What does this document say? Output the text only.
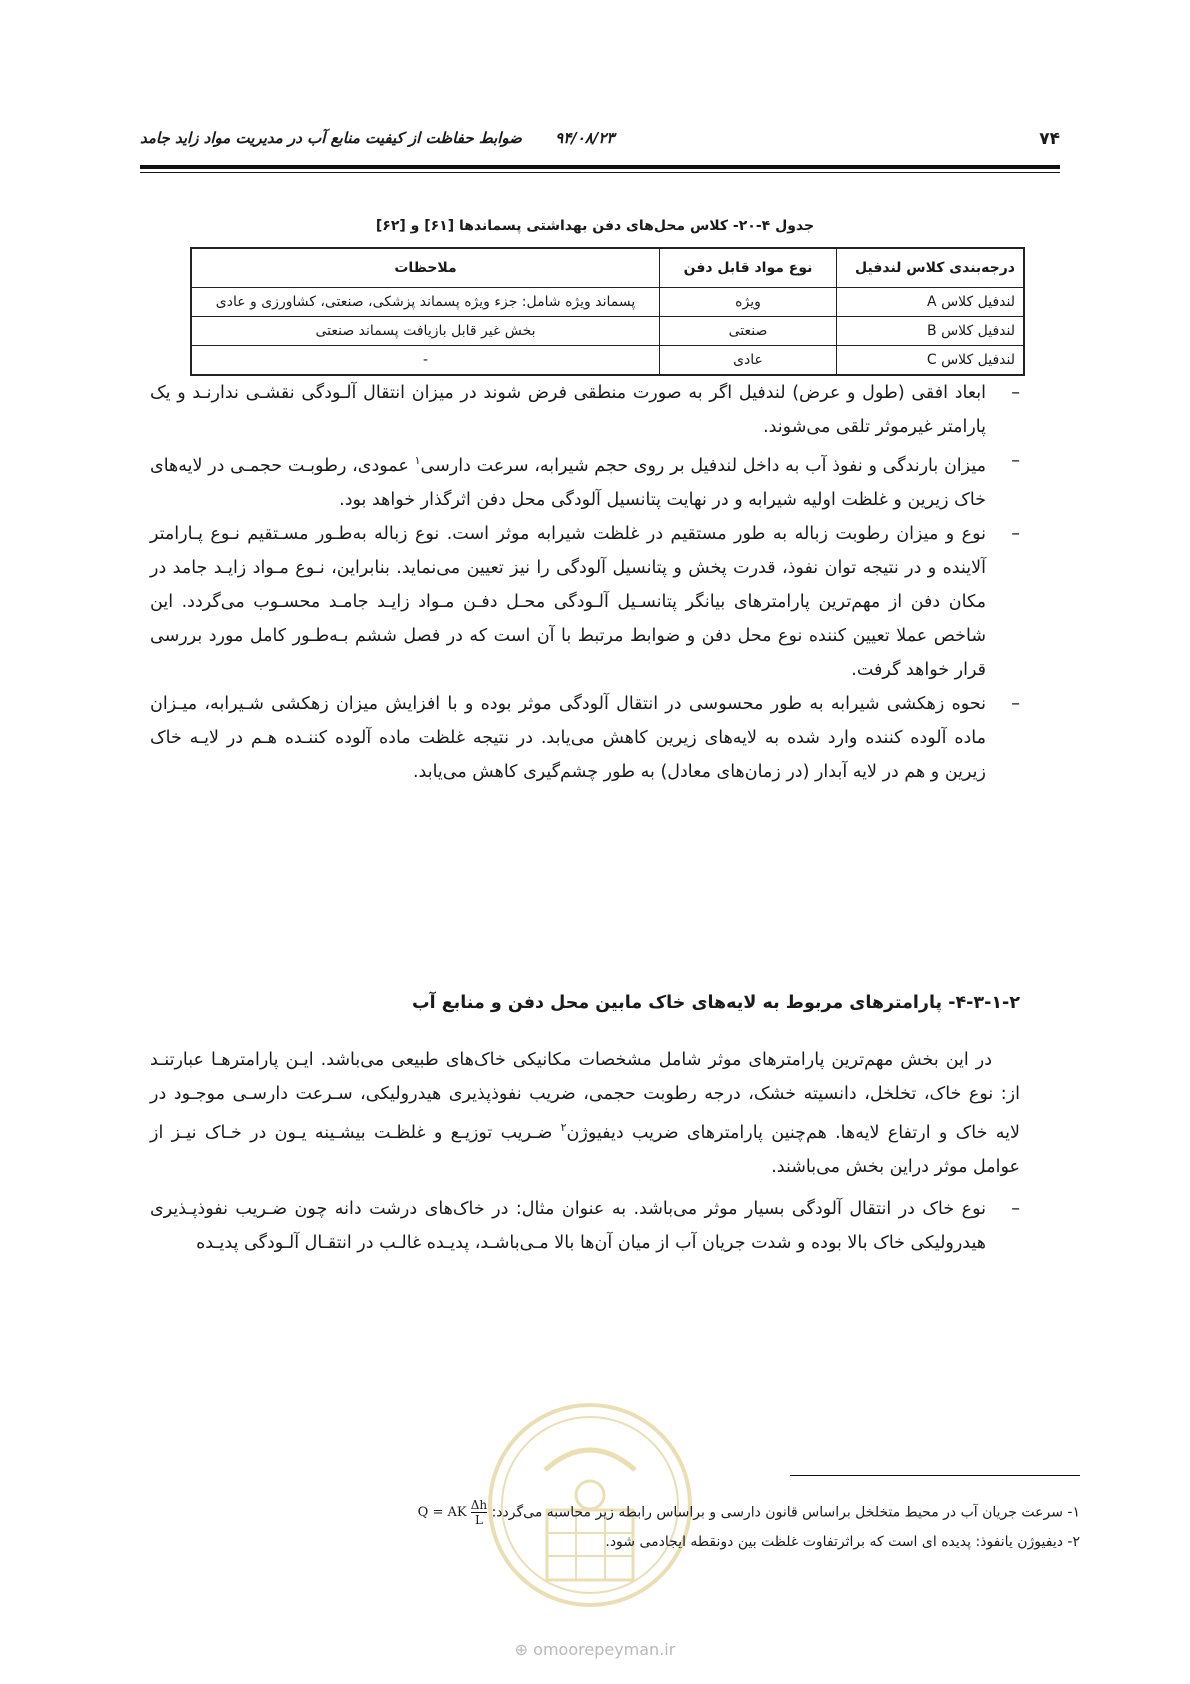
۷۴
۹۴/۰۸/۲۳ ضوابط حفاظت از کیفیت منابع آب در مدیریت مواد زاید جامد
جدول ۴-۲۰- کلاس محل‌های دفن بهداشتی پسماندها [۶۱] و [۶۲]
درجه‌بندی کلاس لندفیل	نوع مواد قابل دفن	ملاحظات
لندفیل کلاس A	ویژه	پسماند ویژه شامل: جزء ویژه پسماند پزشکی، صنعتی، کشاورزی و عادی
لندفیل کلاس B	صنعتی	بخش غیر قابل بازیافت پسماند صنعتی
لندفیل کلاس C	عادی	-

–
ابعاد افقی (طول و عرض) لندفیل اگر به صورت منطقی فرض شوند در میزان انتقال آلـودگی نقشـی ندارنـد و یک پارامتر غیرموثر تلقی می‌شوند.

–
میزان بارندگی و نفوذ آب به داخل لندفیل بر روی حجم شیرابه، سرعت دارسی$^۱$ عمودی، رطوبـت حجمـی در لایه‌های خاک زیرین و غلظت اولیه شیرابه و در نهایت پتانسیل آلودگی محل دفن اثرگذار خواهد بود.

–
نوع و میزان رطوبت زباله به طور مستقیم در غلظت شیرابه موثر است. نوع زباله به‌طـور مسـتقیم نـوع پـارامتر آلاینده و در نتیجه توان نفوذ، قدرت پخش و پتانسیل آلودگی را نیز تعیین می‌نماید. بنابراین، نـوع مـواد زایـد جامد در مکان دفن از مهم‌ترین پارامترهای بیانگر پتانسـیل آلـودگی محـل دفـن مـواد زایـد جامـد محسـوب می‌گردد. این شاخص عملا تعیین کننده نوع محل دفن و ضوابط مرتبط با آن است که در فصل ششم بـه‌طـور کامل مورد بررسی قرار خواهد گرفت.

–
نحوه زهکشی شیرابه به طور محسوسی در انتقال آلودگی موثر بوده و با افزایش میزان زهکشی شـیرابه، میـزان ماده آلوده کننده وارد شده به لایه‌های زیرین کاهش می‌یابد. در نتیجه غلظت ماده آلوده کننـده هـم در لایـه خاک زیرین و هم در لایه آبدار (در زمان‌های معادل) به طور چشم‌گیری کاهش می‌یابد.

۴-۳-۱-۲- پارامترهای مربوط به لایه‌های خاک مابین محل دفن و منابع آب
در این بخش مهم‌ترین پارامترهای موثر شامل مشخصات مکانیکی خاک‌های طبیعی می‌باشد. ایـن پارامترهـا عبارتنـد از: نوع خاک، تخلخل، دانسیته خشک، درجه رطوبت حجمی، ضریب نفوذپذیری هیدرولیکی، سـرعت دارسـی موجـود در لایه خاک و ارتفاع لایه‌ها. هم‌چنین پارامترهای ضریب دیفیوژن$^۲$ ضـریب توزیـع و غلظـت بیشـینه یـون در خـاک نیـز از عوامل موثر دراین بخش می‌باشند.

–
نوع خاک در انتقال آلودگی بسیار موثر می‌باشد. به عنوان مثال: در خاک‌های درشت دانه چون ضـریب نفوذپـذیری هیدرولیکی خاک بالا بوده و شدت جریان آب از میان آن‌ها بالا مـی‌باشـد، پدیـده غالـب در انتقـال آلـودگی پدیـده

۱- سرعت جریان آب در محیط متخلخل براساس قانون دارسی و براساس رابطه زیر محاسبه می‌گردد: Q = AK $\frac{\Delta h}{L}$
۲- دیفیوژن یانفوذ: پدیده ای است که براثرتفاوت غلظت بین دونقطه ایجادمی شود.
⊕ omoorepeyman.ir
